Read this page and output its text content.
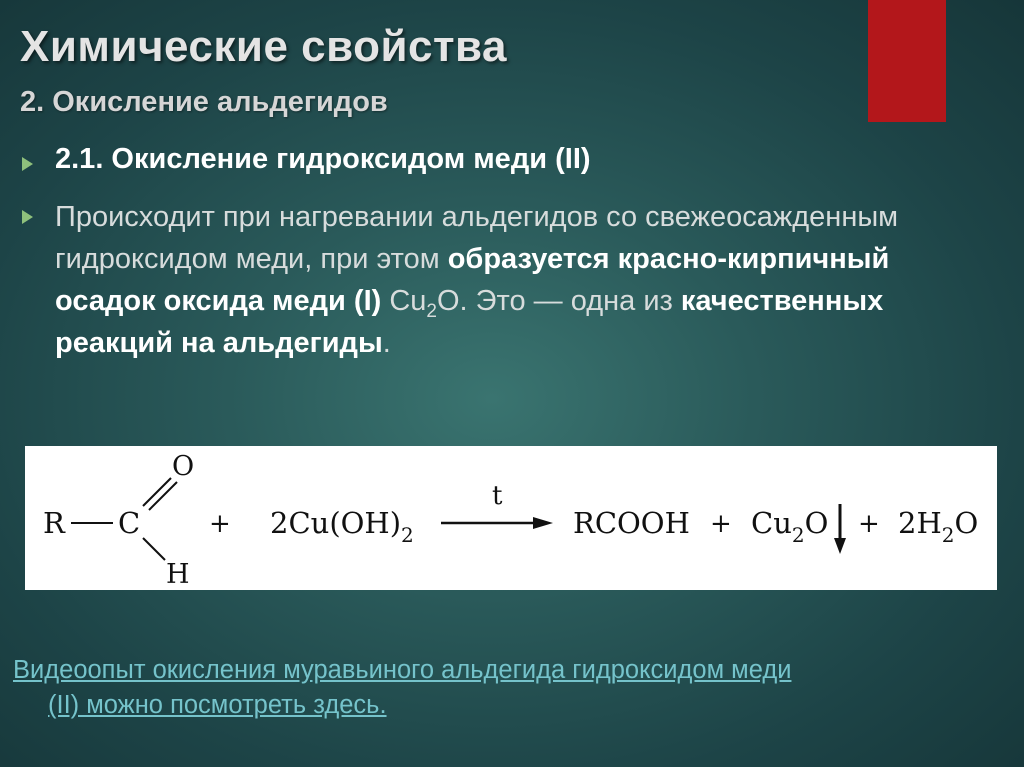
Химические свойства
2. Окисление альдегидов

2.1. Окисление гидроксидом меди (II)

Происходит при нагревании альдегидов со свежеосажденным гидроксидом меди, при этом образуется красно-кирпичный осадок оксида меди (I) $Cu_2O$. Это — одна из качественных реакций на альдегиды.

R C
O
H
+ $2Cu(OH)_2$
t
RCOOH + $Cu_2O + 2H_2O$

Видеоопыт окисления муравьиного альдегида гидроксидом меди
(II) можно посмотреть здесь.
